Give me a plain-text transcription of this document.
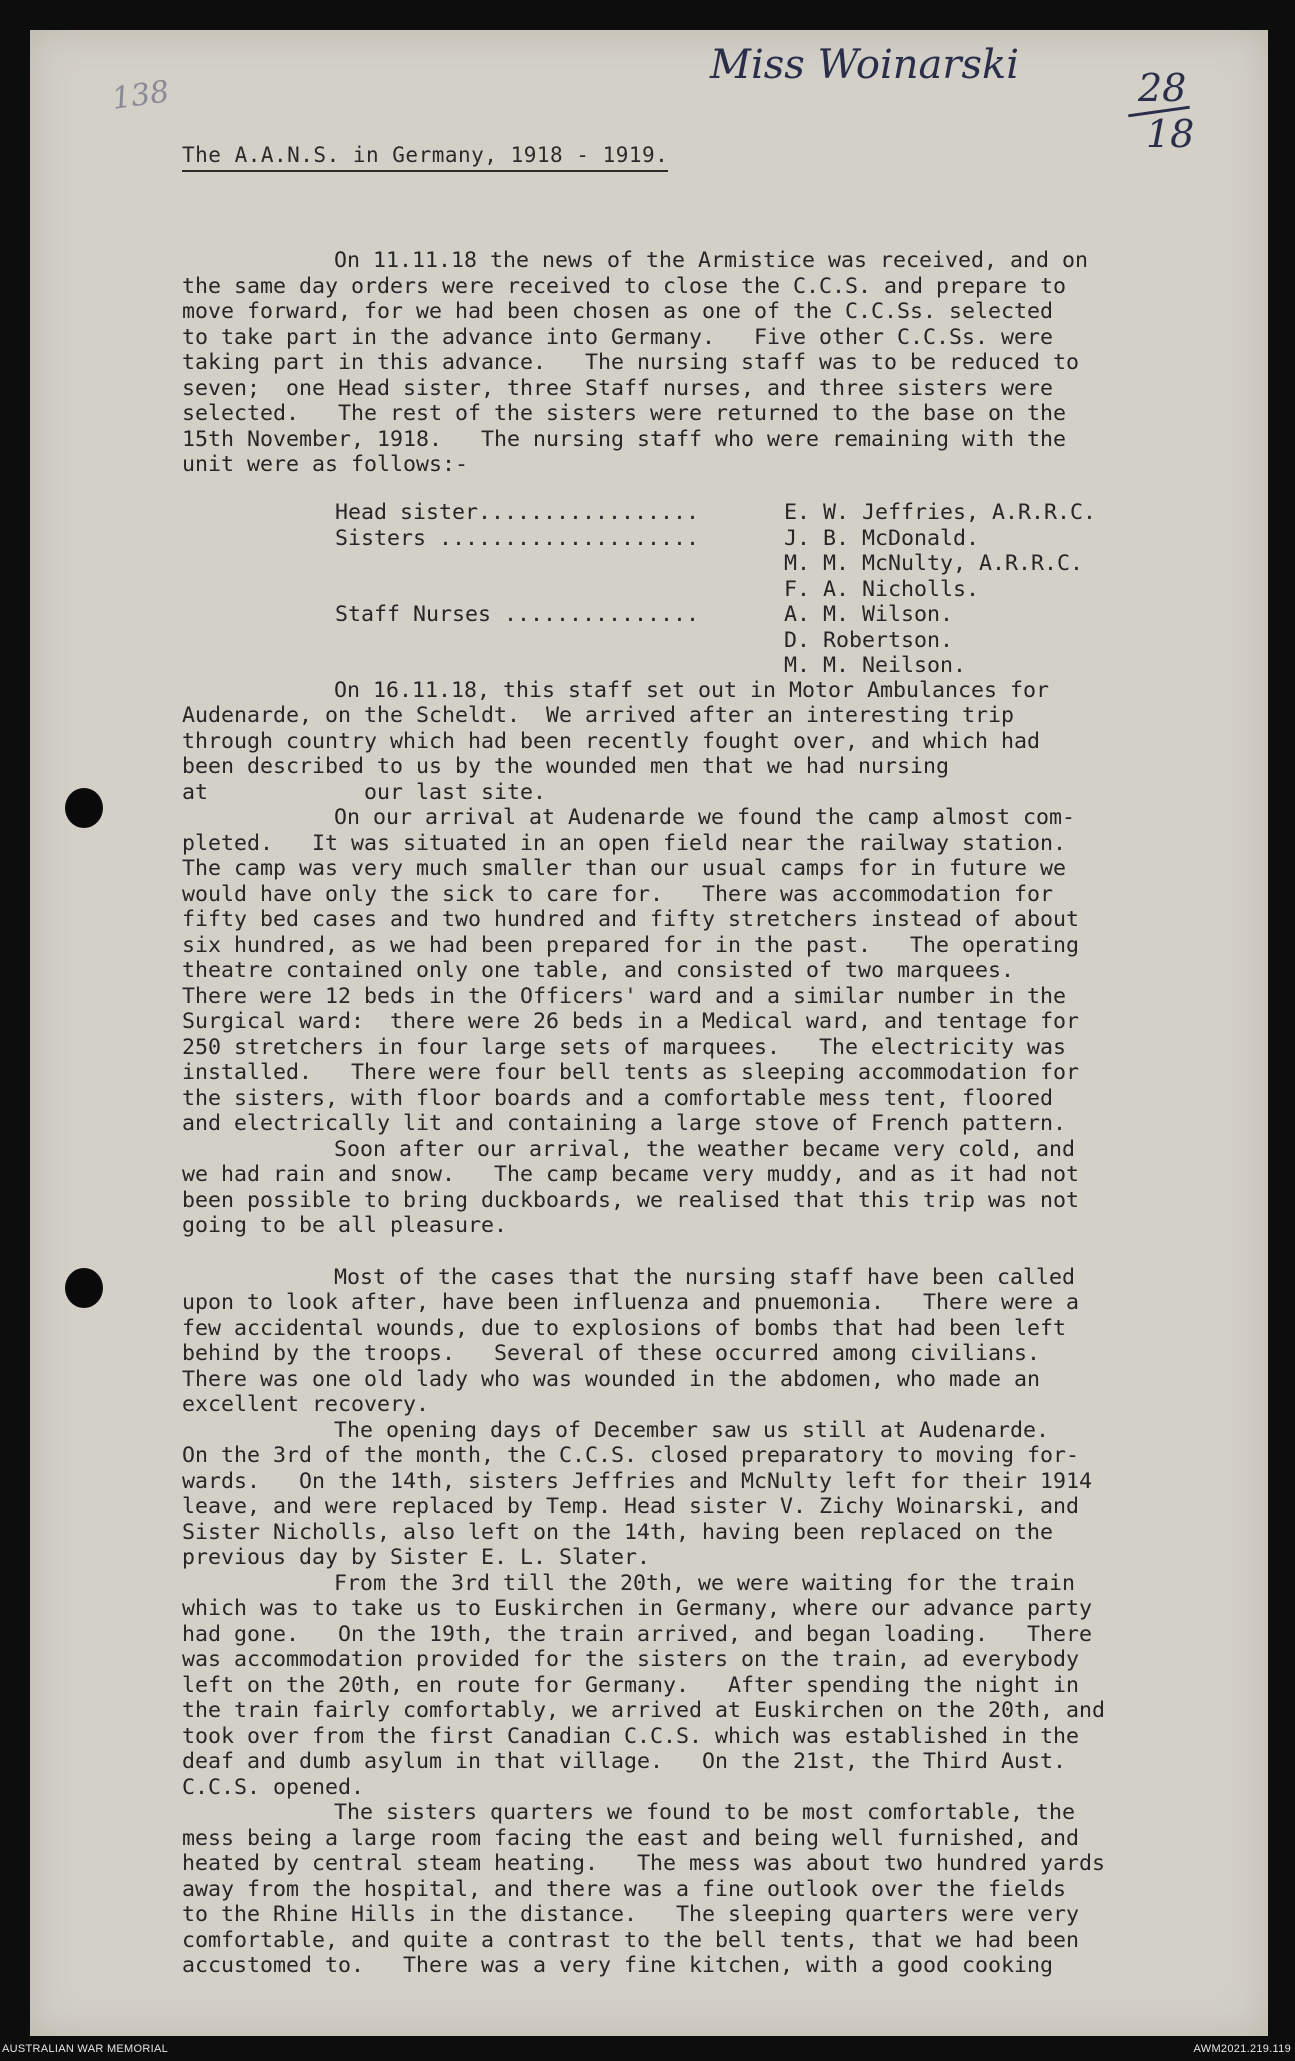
Miss Woinarski	28
18
138
The A.A.N.S. in Germany, 1918 - 1919.
On 11.11.18 the news of the Armistice was received, and on
the same day orders were received to close the C.C.S. and prepare to
move forward, for we had been chosen as one of the C.C.Ss. selected
to take part in the advance into Germany.   Five other C.C.Ss. were
taking part in this advance.   The nursing staff was to be reduced to
seven;  one Head sister, three Staff nurses, and three sisters were
selected.   The rest of the sisters were returned to the base on the
15th November, 1918.   The nursing staff who were remaining with the
unit were as follows:-
On 16.11.18, this staff set out in Motor Ambulances for
Audenarde, on the Scheldt.  We arrived after an interesting trip
through country which had been recently fought over, and which had
been described to us by the wounded men that we had nursing
at            our last site.
On our arrival at Audenarde we found the camp almost com-
pleted.   It was situated in an open field near the railway station.
The camp was very much smaller than our usual camps for in future we
would have only the sick to care for.   There was accommodation for
fifty bed cases and two hundred and fifty stretchers instead of about
six hundred, as we had been prepared for in the past.   The operating
theatre contained only one table, and consisted of two marquees.
There were 12 beds in the Officers' ward and a similar number in the
Surgical ward:  there were 26 beds in a Medical ward, and tentage for
250 stretchers in four large sets of marquees.   The electricity was
installed.   There were four bell tents as sleeping accommodation for
the sisters, with floor boards and a comfortable mess tent, floored
and electrically lit and containing a large stove of French pattern.
Soon after our arrival, the weather became very cold, and
we had rain and snow.   The camp became very muddy, and as it had not
been possible to bring duckboards, we realised that this trip was not
going to be all pleasure.
Most of the cases that the nursing staff have been called
upon to look after, have been influenza and pnuemonia.   There were a
few accidental wounds, due to explosions of bombs that had been left
behind by the troops.   Several of these occurred among civilians.
There was one old lady who was wounded in the abdomen, who made an
excellent recovery.
The opening days of December saw us still at Audenarde.
On the 3rd of the month, the C.C.S. closed preparatory to moving for-
wards.   On the 14th, sisters Jeffries and McNulty left for their 1914
leave, and were replaced by Temp. Head sister V. Zichy Woinarski, and
Sister Nicholls, also left on the 14th, having been replaced on the
previous day by Sister E. L. Slater.
From the 3rd till the 20th, we were waiting for the train
which was to take us to Euskirchen in Germany, where our advance party
had gone.   On the 19th, the train arrived, and began loading.   There
was accommodation provided for the sisters on the train, ad everybody
left on the 20th, en route for Germany.   After spending the night in
the train fairly comfortably, we arrived at Euskirchen on the 20th, and
took over from the first Canadian C.C.S. which was established in the
deaf and dumb asylum in that village.   On the 21st, the Third Aust.
C.C.S. opened.
The sisters quarters we found to be most comfortable, the
mess being a large room facing the east and being well furnished, and
heated by central steam heating.   The mess was about two hundred yards
away from the hospital, and there was a fine outlook over the fields
to the Rhine Hills in the distance.   The sleeping quarters were very
comfortable, and quite a contrast to the bell tents, that we had been
accustomed to.   There was a very fine kitchen, with a good cooking
Head sister.................	E. W. Jeffries, A.R.R.C.
Sisters ....................	J. B. McDonald.
M. M. McNulty, A.R.R.C.
F. A. Nicholls.
Staff Nurses ...............	A. M. Wilson.
D. Robertson.
M. M. Neilson.
AUSTRALIAN WAR MEMORIAL	AWM2021.219.119
